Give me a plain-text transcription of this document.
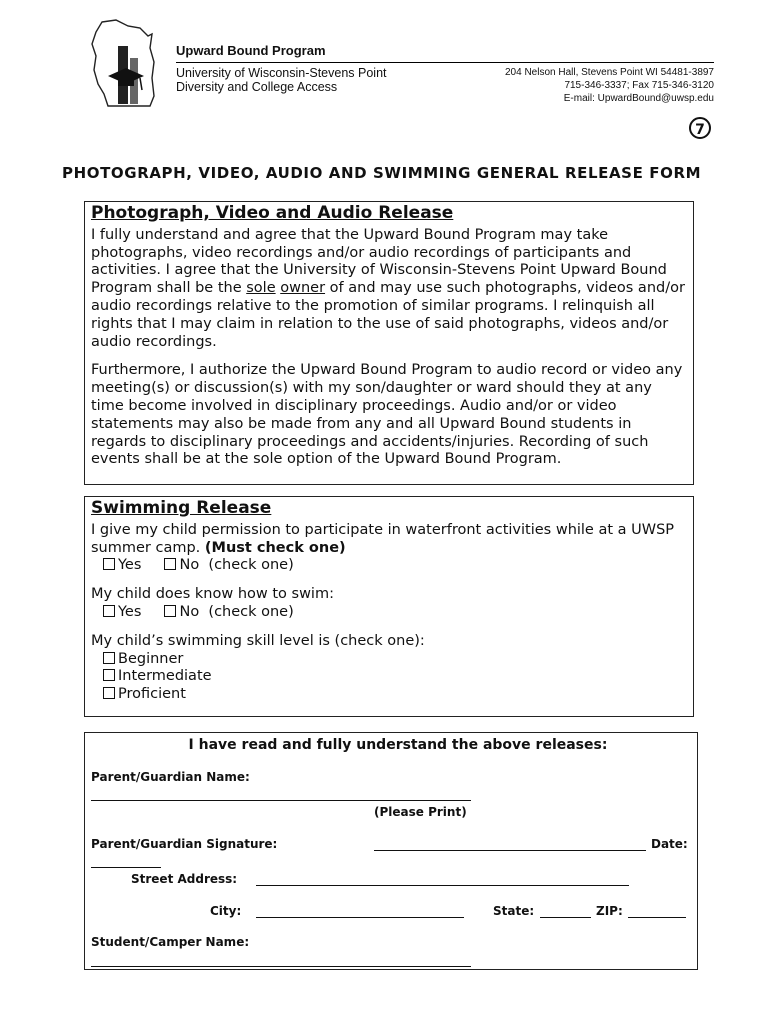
Upward Bound Program
University of Wisconsin-Stevens Point
Diversity and College Access
204 Nelson Hall, Stevens Point WI 54481-3897
715-346-3337; Fax 715-346-3120
E-mail: UpwardBound@uwsp.edu
7
PHOTOGRAPH, VIDEO, AUDIO AND SWIMMING GENERAL RELEASE FORM
Photograph, Video and Audio Release

I fully understand and agree that the Upward Bound Program may take photographs, video recordings and/or audio recordings of participants and activities. I agree that the University of Wisconsin-Stevens Point Upward Bound Program shall be the sole owner of and may use such photographs, videos and/or audio recordings relative to the promotion of similar programs. I relinquish all rights that I may claim in relation to the use of said photographs, videos and/or audio recordings.

Furthermore, I authorize the Upward Bound Program to audio record or video any meeting(s) or discussion(s) with my son/daughter or ward should they at any time become involved in disciplinary proceedings. Audio and/or or video statements may also be made from any and all Upward Bound students in regards to disciplinary proceedings and accidents/injuries. Recording of such events shall be at the sole option of the Upward Bound Program.

Swimming Release

I give my child permission to participate in waterfront activities while at a UWSP summer camp. (Must check one)
Yes	No (check one)

My child does know how to swim:
Yes	No (check one)

My child’s swimming skill level is (check one):
Beginner
Intermediate
Proficient

I have read and fully understand the above releases:
Parent/Guardian Name:
(Please Print)
Parent/Guardian Signature:	Date:
Street Address:
City:	State:	ZIP:
Student/Camper Name:
